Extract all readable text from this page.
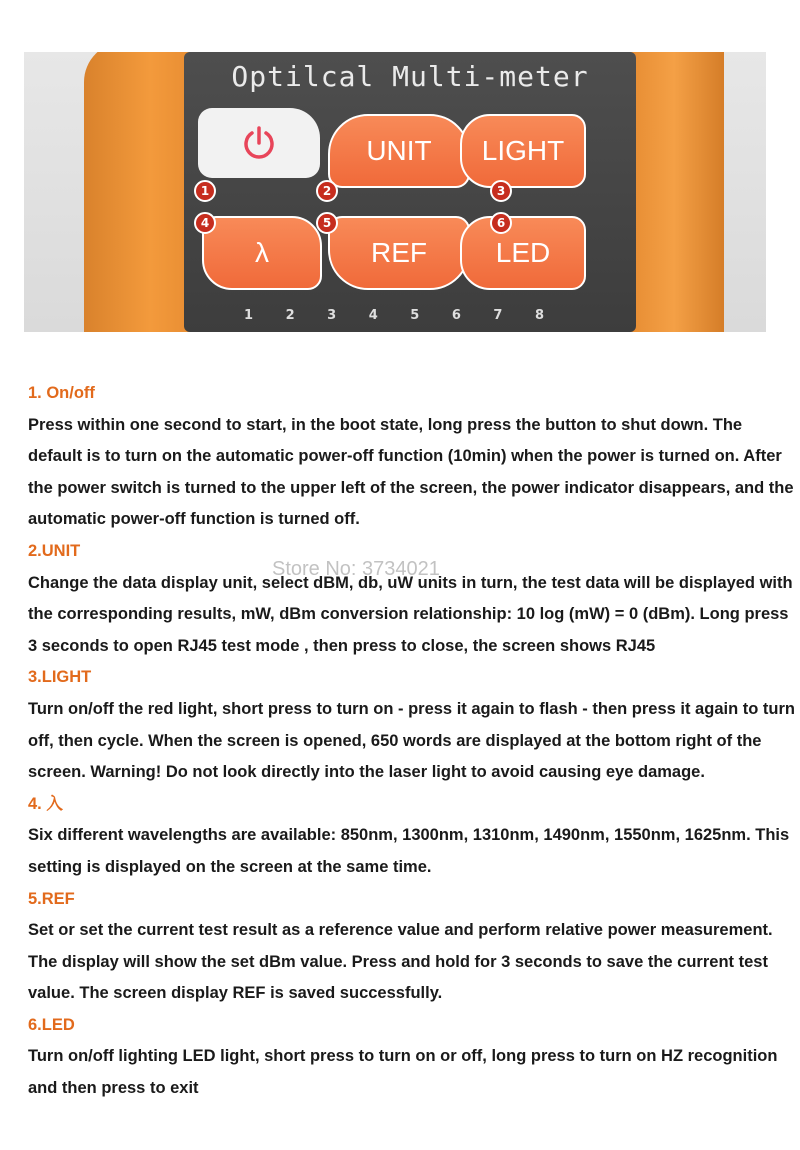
Optilcal Multi-meter
UNIT	LIGHT
λ	REF	LED
1	2	3
4	5	6
1	2	3	4	5	6	7	8

1. On/off

Press within one second to start, in the boot state, long press the button to shut down. The default is to turn on the automatic power-off function (10min) when the power is turned on. After the power switch is turned to the upper left of the screen, the power indicator disappears, and the automatic power-off function is turned off.

2.UNIT

Change the data display unit, select dBM, db, uW units in turn, the test data will be displayed with the corresponding results, mW, dBm conversion relationship: 10 log (mW) = 0 (dBm). Long press 3 seconds to open RJ45 test mode , then press to close, the screen shows RJ45

3.LIGHT

Turn on/off the red light, short press to turn on - press it again to flash - then press it again to turn off, then cycle. When the screen is opened, 650 words are displayed at the bottom right of the screen. Warning! Do not look directly into the laser light to avoid causing eye damage.

4. 入

Six different wavelengths are available: 850nm, 1300nm, 1310nm, 1490nm, 1550nm, 1625nm. This setting is displayed on the screen at the same time.

5.REF

Set or set the current test result as a reference value and perform relative power measurement. The display will show the set dBm value. Press and hold for 3 seconds to save the current test value. The screen display REF is saved successfully.

6.LED

Turn on/off lighting LED light, short press to turn on or off, long press to turn on HZ recognition and then press to exit

Store No: 3734021
